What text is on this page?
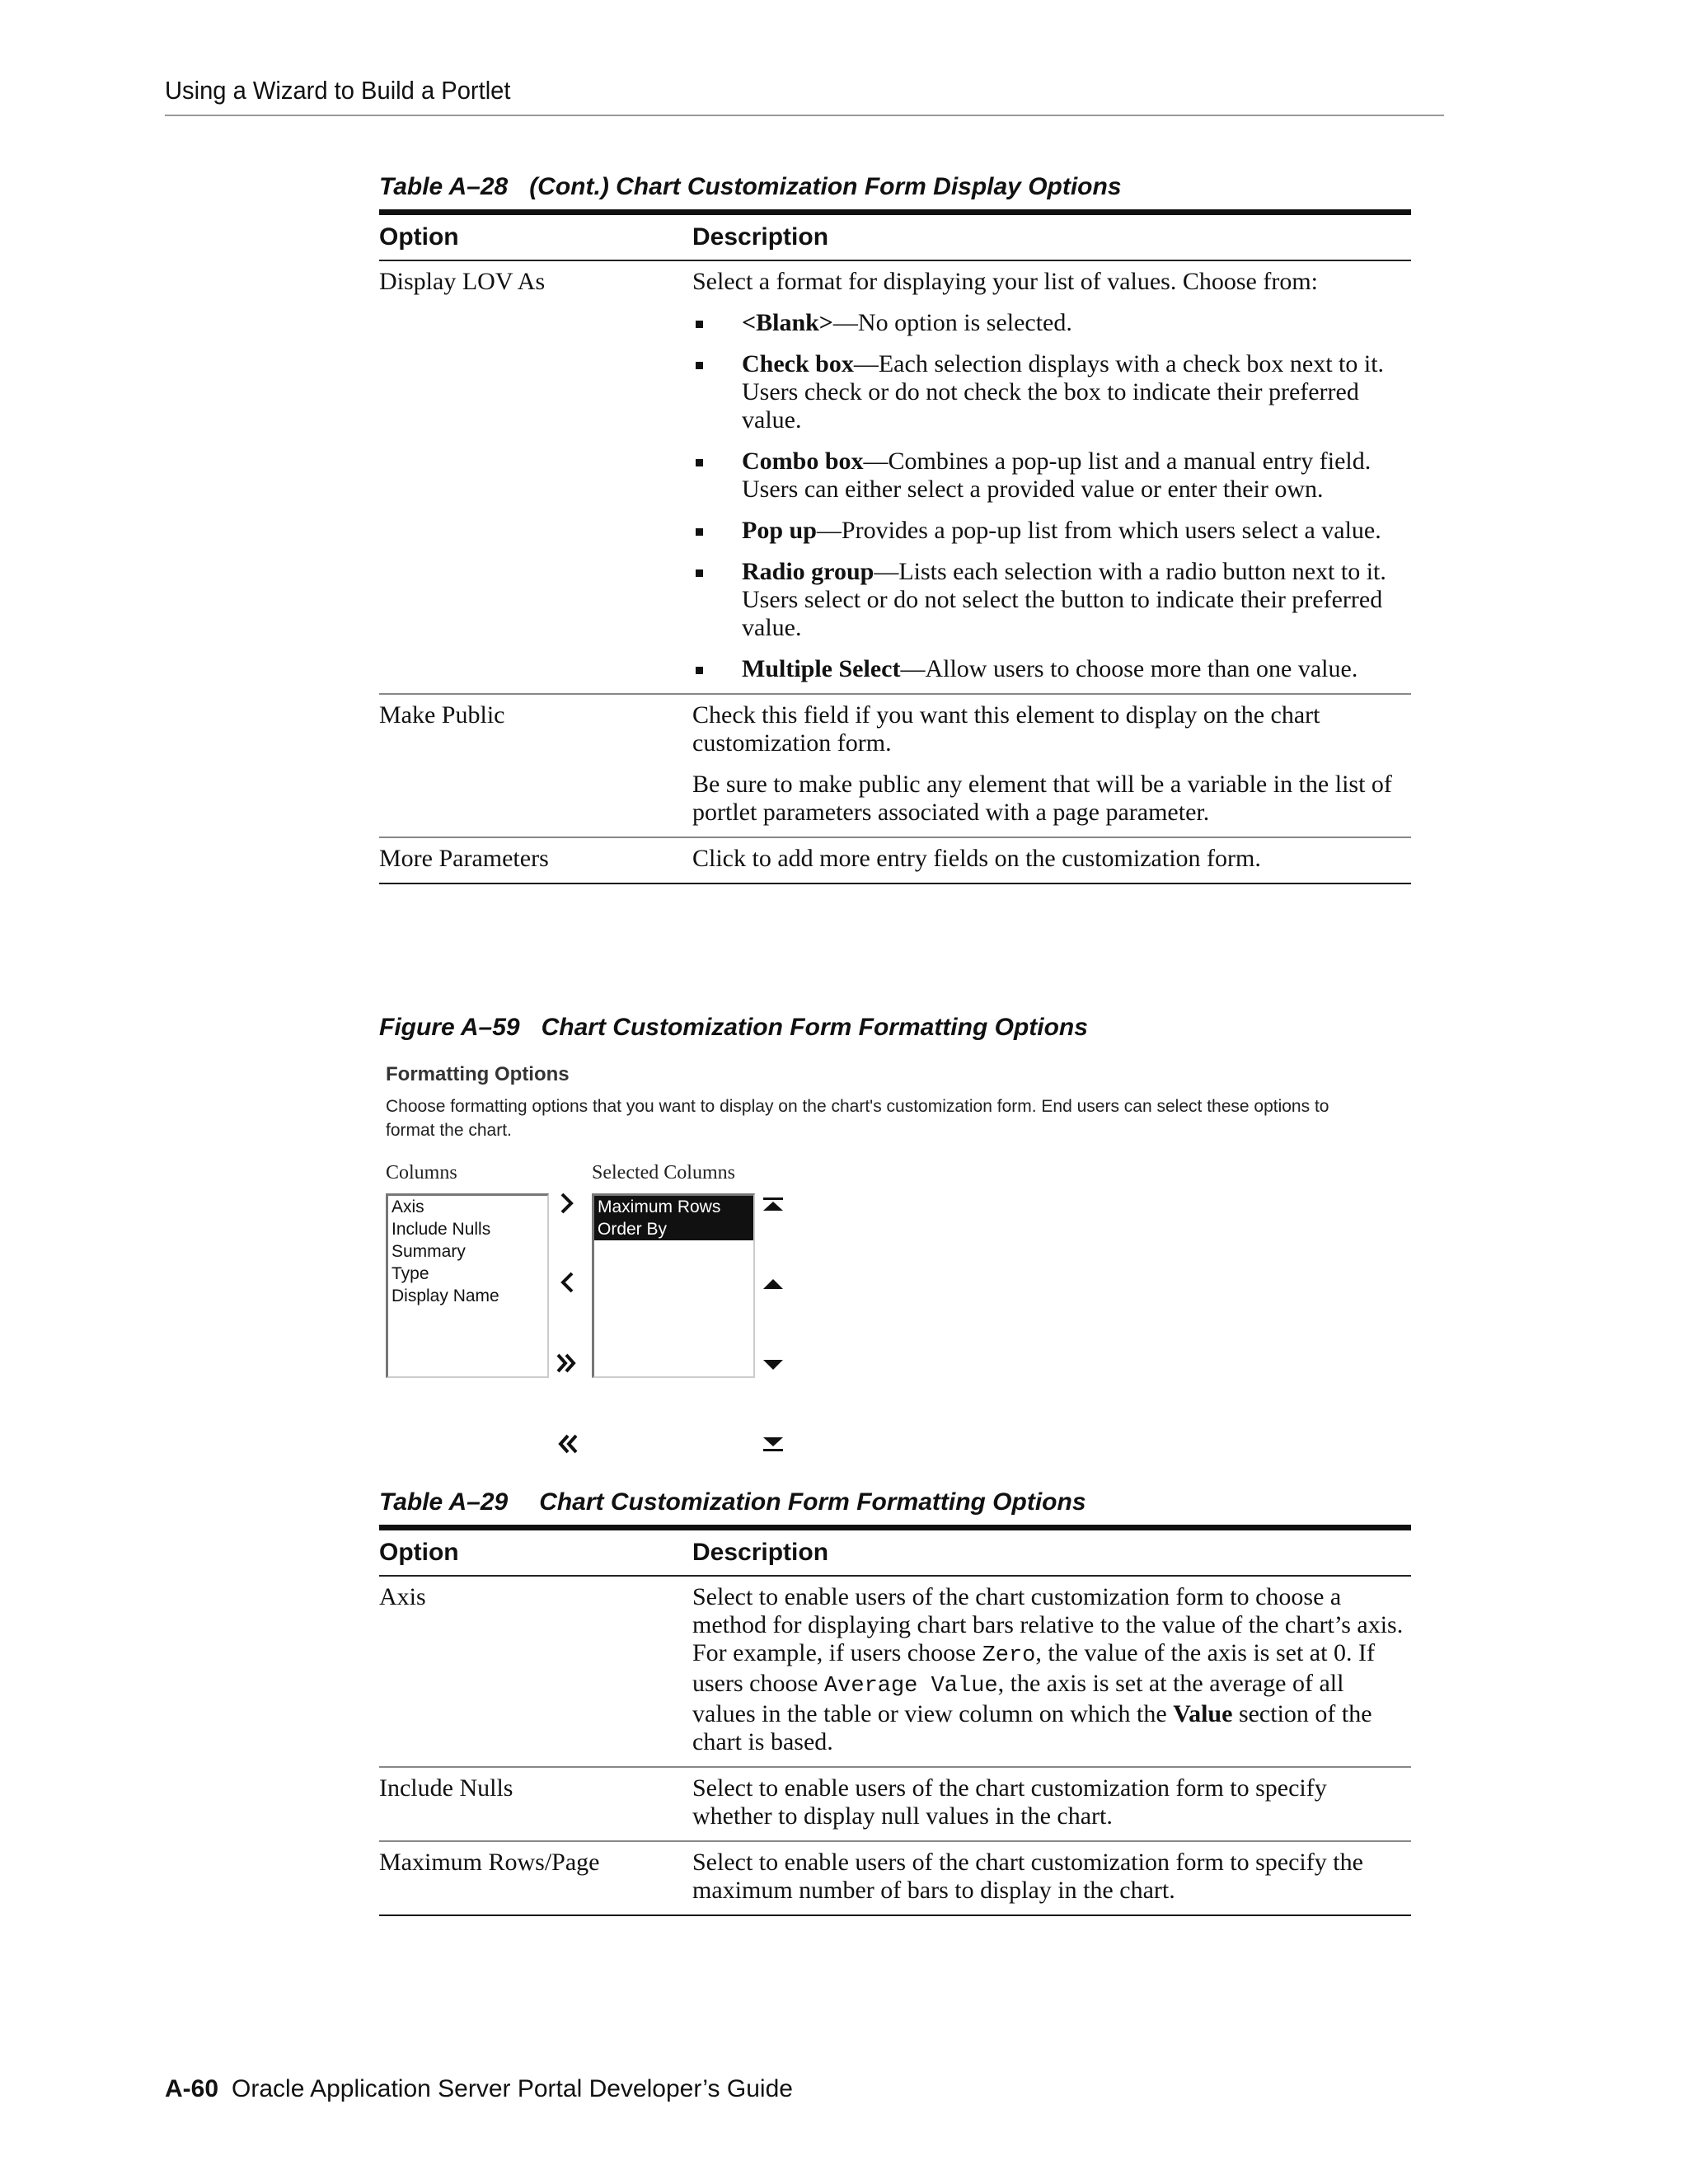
Using a Wizard to Build a Portlet
Table A–28 (Cont.) Chart Customization Form Display Options
Option	Description
Display LOV As	Select a format for displaying your list of values. Choose from:

<Blank>—No option is selected.
Check box—Each selection displays with a check box next to it. Users check or do not check the box to indicate their preferred value.
Combo box—Combines a pop-up list and a manual entry field. Users can either select a provided value or enter their own.
Pop up—Provides a pop-up list from which users select a value.
Radio group—Lists each selection with a radio button next to it. Users select or do not select the button to indicate their preferred value.
Multiple Select—Allow users to choose more than one value.
Make Public	Check this field if you want this element to display on the chart customization form.

Be sure to make public any element that will be a variable in the list of portlet parameters associated with a page parameter.

More Parameters	Click to add more entry fields on the customization form.

Figure A–59 Chart Customization Form Formatting Options
Formatting Options
Choose formatting options that you want to display on the chart's customization form. End users can select these options to format the chart.
Columns	Selected Columns
Axis
Include Nulls
Summary
Type
Display Name
Maximum Rows
Order By
Table A–29 Chart Customization Form Formatting Options
Option	Description
Axis	Select to enable users of the chart customization form to choose a method for displaying chart bars relative to the value of the chart’s axis. For example, if users choose Zero, the value of the axis is set at 0. If users choose Average Value, the axis is set at the average of all values in the table or view column on which the Value section of the chart is based.

Include Nulls	Select to enable users of the chart customization form to specify whether to display null values in the chart.

Maximum Rows/Page	Select to enable users of the chart customization form to specify the maximum number of bars to display in the chart.

A-60 Oracle Application Server Portal Developer’s Guide
